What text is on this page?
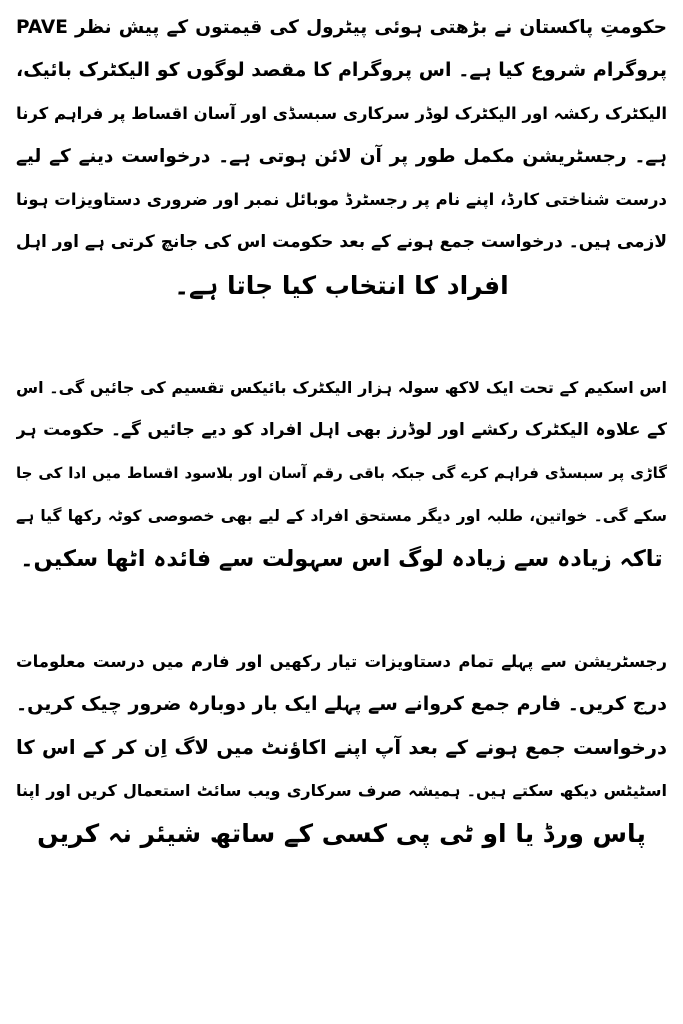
حکومتِ پاکستان نے بڑھتی ہوئی پیٹرول کی قیمتوں کے پیش نظر PAVE
پروگرام شروع کیا ہے۔ اس پروگرام کا مقصد لوگوں کو الیکٹرک بائیک،
الیکٹرک رکشہ اور الیکٹرک لوڈر سرکاری سبسڈی اور آسان اقساط پر فراہم کرنا
ہے۔ رجسٹریشن مکمل طور پر آن لائن ہوتی ہے۔ درخواست دینے کے لیے
درست شناختی کارڈ، اپنے نام پر رجسٹرڈ موبائل نمبر اور ضروری دستاویزات ہونا
لازمی ہیں۔ درخواست جمع ہونے کے بعد حکومت اس کی جانچ کرتی ہے اور اہل
افراد کا انتخاب کیا جاتا ہے۔
اس اسکیم کے تحت ایک لاکھ سولہ ہزار الیکٹرک بائیکس تقسیم کی جائیں گی۔ اس
کے علاوہ الیکٹرک رکشے اور لوڈرز بھی اہل افراد کو دیے جائیں گے۔ حکومت ہر
گاڑی پر سبسڈی فراہم کرے گی جبکہ باقی رقم آسان اور بلاسود اقساط میں ادا کی جا
سکے گی۔ خواتین، طلبہ اور دیگر مستحق افراد کے لیے بھی خصوصی کوٹہ رکھا گیا ہے
تاکہ زیادہ سے زیادہ لوگ اس سہولت سے فائدہ اٹھا سکیں۔
رجسٹریشن سے پہلے تمام دستاویزات تیار رکھیں اور فارم میں درست معلومات
درج کریں۔ فارم جمع کروانے سے پہلے ایک بار دوبارہ ضرور چیک کریں۔
درخواست جمع ہونے کے بعد آپ اپنے اکاؤنٹ میں لاگ اِن کر کے اس کا
اسٹیٹس دیکھ سکتے ہیں۔ ہمیشہ صرف سرکاری ویب سائٹ استعمال کریں اور اپنا
پاس ورڈ یا او ٹی پی کسی کے ساتھ شیئر نہ کریں
